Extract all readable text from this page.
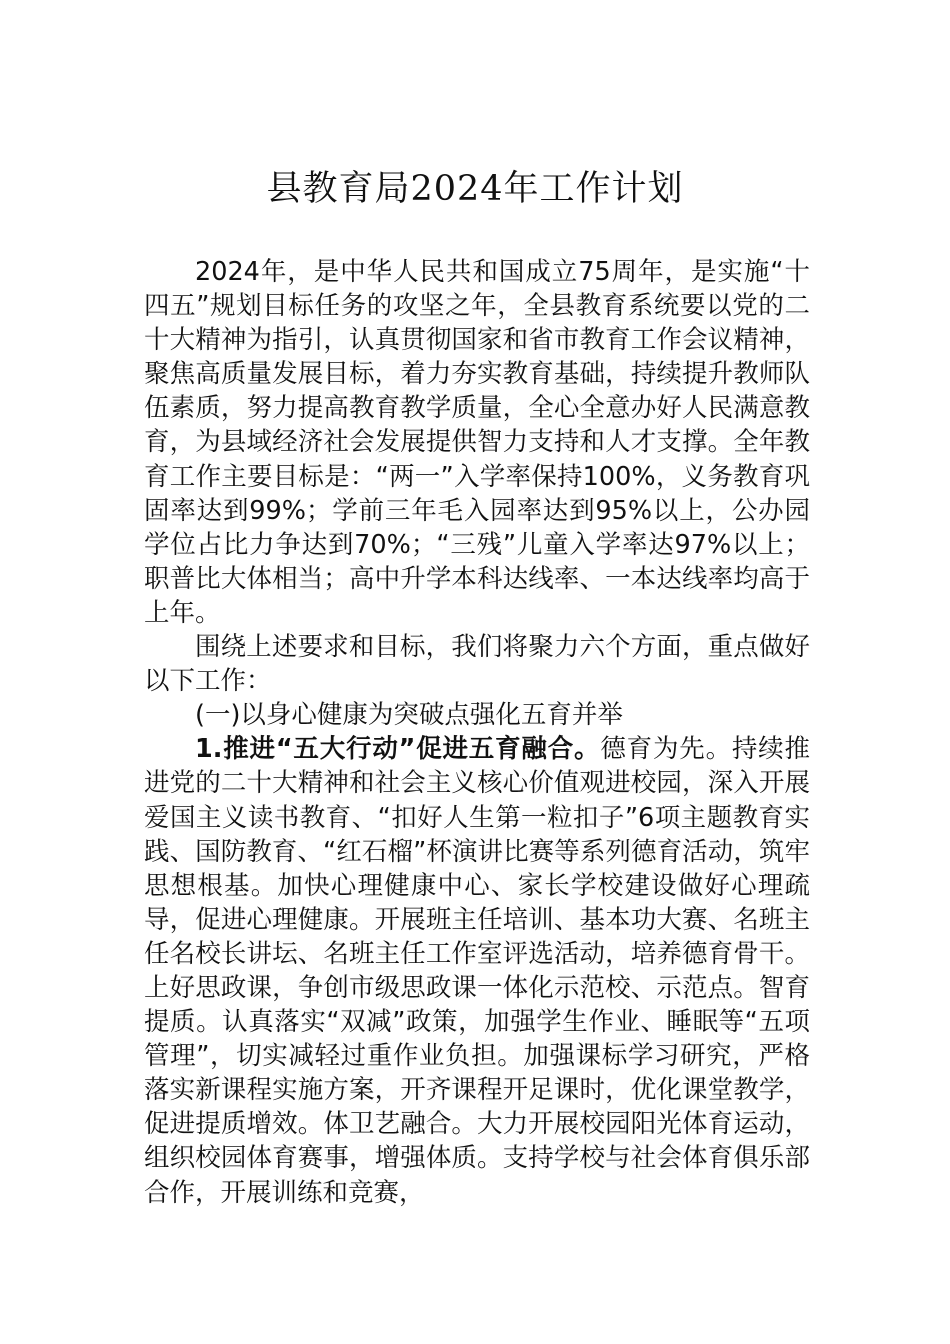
县教育局2024年工作计划

2024年，是中华人民共和国成立75周年，是实施“十四五”规划目标任务的攻坚之年，全县教育系统要以党的二十大精神为指引，认真贯彻国家和省市教育工作会议精神，聚焦高质量发展目标，着力夯实教育基础，持续提升教师队伍素质，努力提高教育教学质量，全心全意办好人民满意教育，为县域经济社会发展提供智力支持和人才支撑。全年教育工作主要目标是：“两一”入学率保持100%，义务教育巩固率达到99%；学前三年毛入园率达到95%以上，公办园学位占比力争达到70%；“三残”儿童入学率达97%以上；职普比大体相当；高中升学本科达线率、一本达线率均高于上年。

围绕上述要求和目标，我们将聚力六个方面，重点做好以下工作：

(一)以身心健康为突破点强化五育并举

1.推进“五大行动”促进五育融合。德育为先。持续推进党的二十大精神和社会主义核心价值观进校园，深入开展爱国主义读书教育、“扣好人生第一粒扣子”6项主题教育实践、国防教育、“红石榴”杯演讲比赛等系列德育活动，筑牢思想根基。加快心理健康中心、家长学校建设做好心理疏导，促进心理健康。开展班主任培训、基本功大赛、名班主任名校长讲坛、名班主任工作室评选活动，培养德育骨干。上好思政课，争创市级思政课一体化示范校、示范点。智育提质。认真落实“双减”政策，加强学生作业、睡眠等“五项管理”，切实减轻过重作业负担。加强课标学习研究，严格落实新课程实施方案，开齐课程开足课时，优化课堂教学，促进提质增效。体卫艺融合。大力开展校园阳光体育运动，组织校园体育赛事，增强体质。支持学校与社会体育俱乐部合作，开展训练和竞赛，
